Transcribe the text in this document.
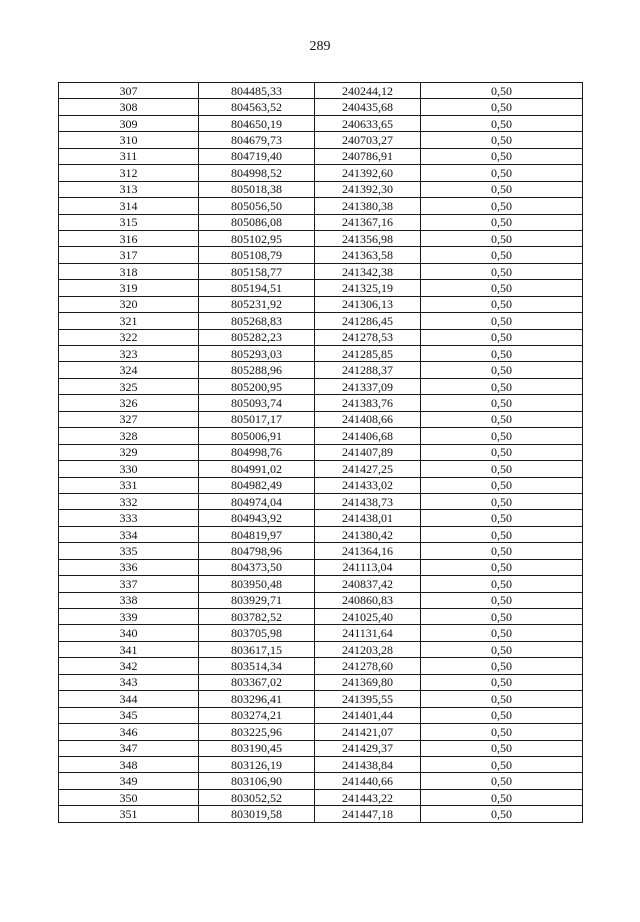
289
307	804485,33	240244,12	0,50
308	804563,52	240435,68	0,50
309	804650,19	240633,65	0,50
310	804679,73	240703,27	0,50
311	804719,40	240786,91	0,50
312	804998,52	241392,60	0,50
313	805018,38	241392,30	0,50
314	805056,50	241380,38	0,50
315	805086,08	241367,16	0,50
316	805102,95	241356,98	0,50
317	805108,79	241363,58	0,50
318	805158,77	241342,38	0,50
319	805194,51	241325,19	0,50
320	805231,92	241306,13	0,50
321	805268,83	241286,45	0,50
322	805282,23	241278,53	0,50
323	805293,03	241285,85	0,50
324	805288,96	241288,37	0,50
325	805200,95	241337,09	0,50
326	805093,74	241383,76	0,50
327	805017,17	241408,66	0,50
328	805006,91	241406,68	0,50
329	804998,76	241407,89	0,50
330	804991,02	241427,25	0,50
331	804982,49	241433,02	0,50
332	804974,04	241438,73	0,50
333	804943,92	241438,01	0,50
334	804819,97	241380,42	0,50
335	804798,96	241364,16	0,50
336	804373,50	241113,04	0,50
337	803950,48	240837,42	0,50
338	803929,71	240860,83	0,50
339	803782,52	241025,40	0,50
340	803705,98	241131,64	0,50
341	803617,15	241203,28	0,50
342	803514,34	241278,60	0,50
343	803367,02	241369,80	0,50
344	803296,41	241395,55	0,50
345	803274,21	241401,44	0,50
346	803225,96	241421,07	0,50
347	803190,45	241429,37	0,50
348	803126,19	241438,84	0,50
349	803106,90	241440,66	0,50
350	803052,52	241443,22	0,50
351	803019,58	241447,18	0,50
